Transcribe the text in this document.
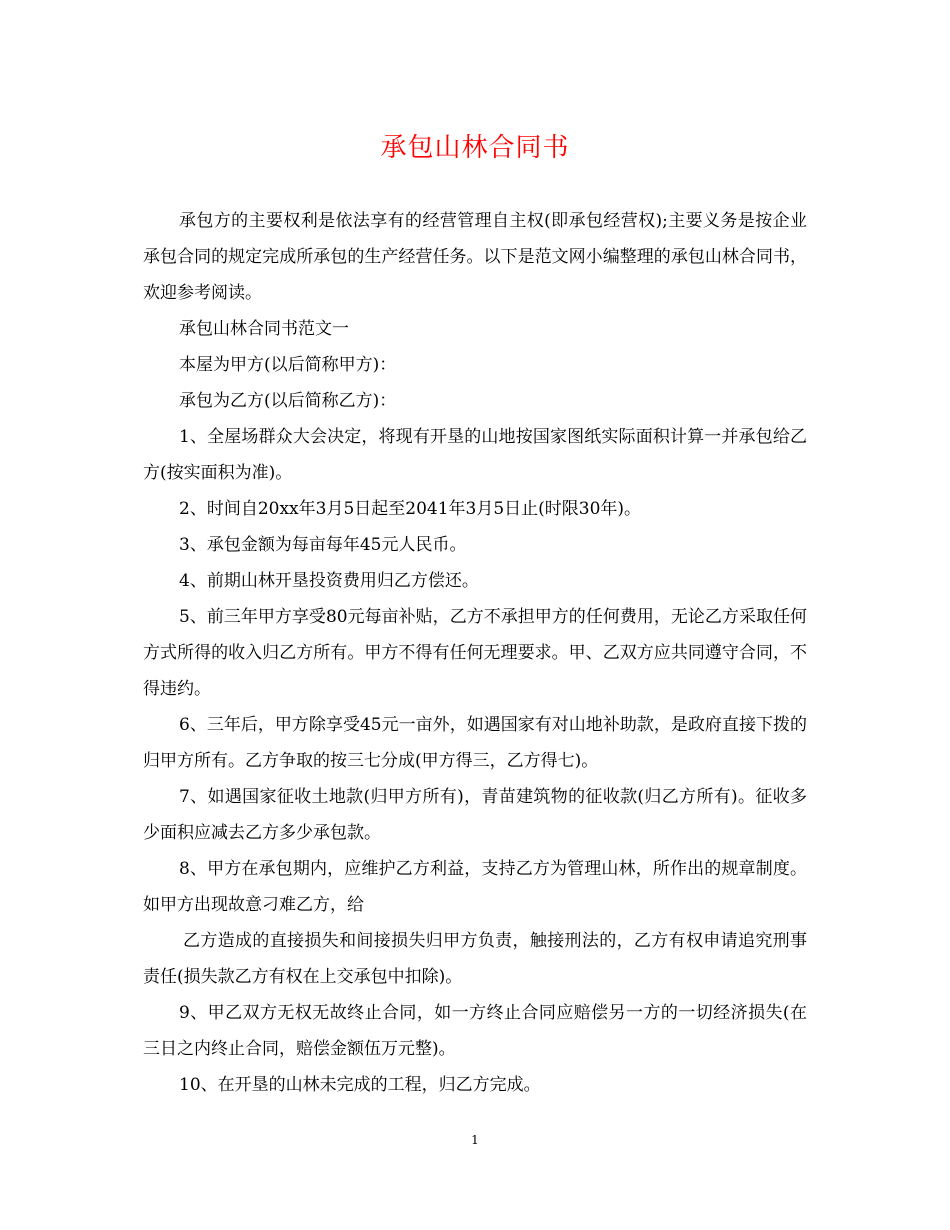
承包山林合同书

承包方的主要权利是依法享有的经营管理自主权(即承包经营权);主要义务是按企业承包合同的规定完成所承包的生产经营任务。以下是范文网小编整理的承包山林合同书，欢迎参考阅读。

承包山林合同书范文一

本屋为甲方(以后简称甲方)：

承包为乙方(以后简称乙方)：

1、全屋场群众大会决定，将现有开垦的山地按国家图纸实际面积计算一并承包给乙方(按实面积为准)。

2、时间自20xx年3月5日起至2041年3月5日止(时限30年)。

3、承包金额为每亩每年45元人民币。

4、前期山林开垦投资费用归乙方偿还。

5、前三年甲方享受80元每亩补贴，乙方不承担甲方的任何费用，无论乙方采取任何方式所得的收入归乙方所有。甲方不得有任何无理要求。甲、乙双方应共同遵守合同，不得违约。

6、三年后，甲方除享受45元一亩外，如遇国家有对山地补助款，是政府直接下拨的归甲方所有。乙方争取的按三七分成(甲方得三，乙方得七)。

7、如遇国家征收土地款(归甲方所有)，青苗建筑物的征收款(归乙方所有)。征收多少面积应减去乙方多少承包款。

8、甲方在承包期内，应维护乙方利益，支持乙方为管理山林，所作出的规章制度。如甲方出现故意刁难乙方，给

乙方造成的直接损失和间接损失归甲方负责，触接刑法的，乙方有权申请追究刑事责任(损失款乙方有权在上交承包中扣除)。

9、甲乙双方无权无故终止合同，如一方终止合同应赔偿另一方的一切经济损失(在三日之内终止合同，赔偿金额伍万元整)。

10、在开垦的山林未完成的工程，归乙方完成。

1
